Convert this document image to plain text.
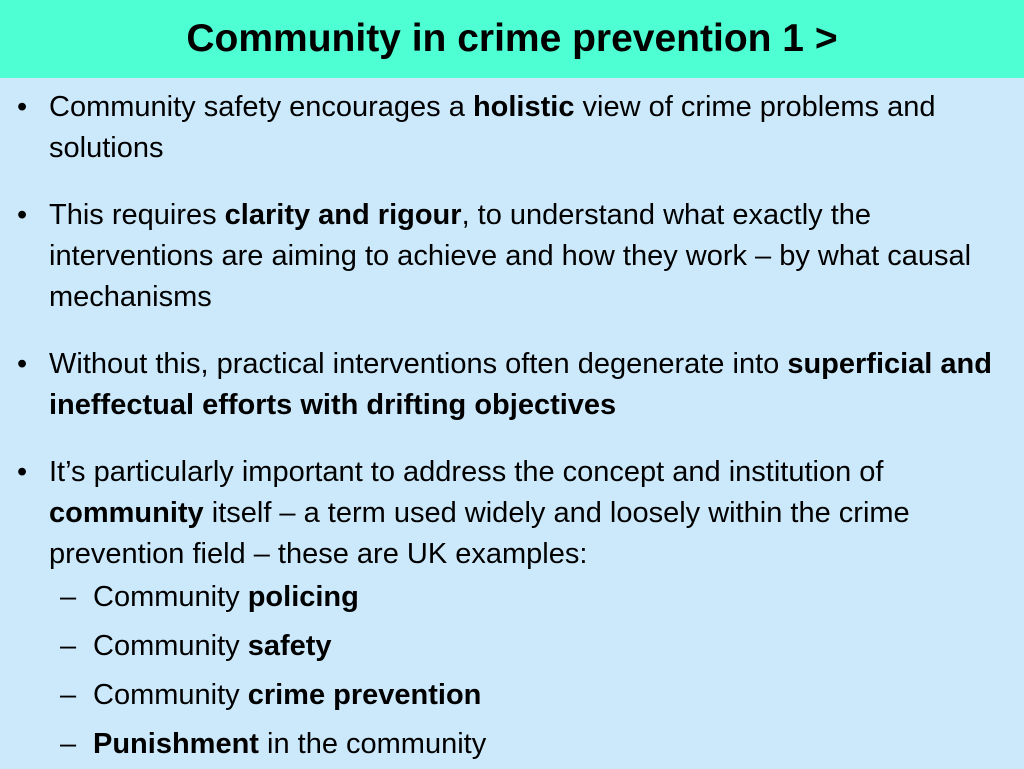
Community in crime prevention 1 >
• Community safety encourages a holistic view of crime problems and solutions
• This requires clarity and rigour, to understand what exactly the interventions are aiming to achieve and how they work – by what causal mechanisms
• Without this, practical interventions often degenerate into superficial and ineffectual efforts with drifting objectives
• It’s particularly important to address the concept and institution of community itself – a term used widely and loosely within the crime prevention field – these are UK examples:
– Community policing
– Community safety
– Community crime prevention
– Punishment in the community
